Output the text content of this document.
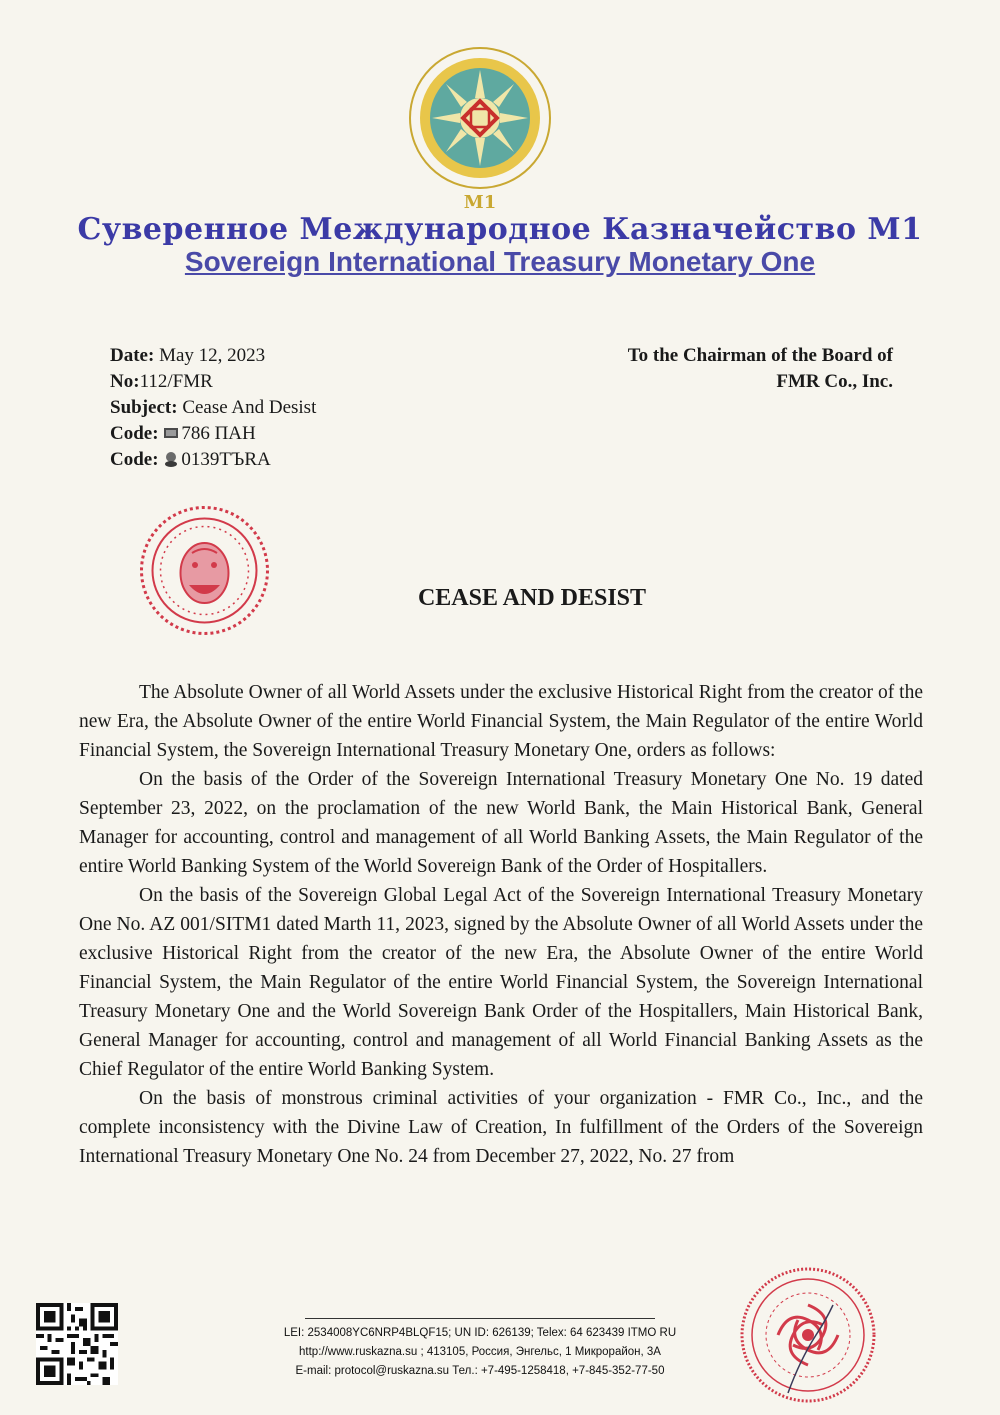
М1
Суверенное Международное Казначейство М1
Sovereign International Treasury Monetary One
Date: May 12, 2023
No:112/FMR
Subject: Cease And Desist
Code: 786 ПАН
Code: 0139ТЪRA
To the Chairman of the Board of
FMR Co., Inc.
CEASE AND DESIST

The Absolute Owner of all World Assets under the exclusive Historical Right from the creator of the new Era, the Absolute Owner of the entire World Financial System, the Main Regulator of the entire World Financial System, the Sovereign International Treasury Monetary One, orders as follows:

On the basis of the Order of the Sovereign International Treasury Monetary One No. 19 dated September 23, 2022, on the proclamation of the new World Bank, the Main Historical Bank, General Manager for accounting, control and management of all World Banking Assets, the Main Regulator of the entire World Banking System of the World Sovereign Bank of the Order of Hospitallers.

On the basis of the Sovereign Global Legal Act of the Sovereign International Treasury Monetary One No. AZ 001/SITM1 dated Marth 11, 2023, signed by the Absolute Owner of all World Assets under the exclusive Historical Right from the creator of the new Era, the Absolute Owner of the entire World Financial System, the Main Regulator of the entire World Financial System, the Sovereign International Treasury Monetary One and the World Sovereign Bank Order of the Hospitallers, Main Historical Bank, General Manager for accounting, control and management of all World Financial Banking Assets as the Chief Regulator of the entire World Banking System.

On the basis of monstrous criminal activities of your organization - FMR Co., Inc., and the complete inconsistency with the Divine Law of Creation, In fulfillment of the Orders of the Sovereign International Treasury Monetary One No. 24 from December 27, 2022, No. 27 from

LEI: 2534008YC6NRP4BLQF15; UN ID: 626139; Telex: 64 623439 ITMO RU
http://www.ruskazna.su ; 413105, Россия, Энгельс, 1 Микрорайон, 3А
E-mail: protocol@ruskazna.su Тел.: +7-495-1258418, +7-845-352-77-50
